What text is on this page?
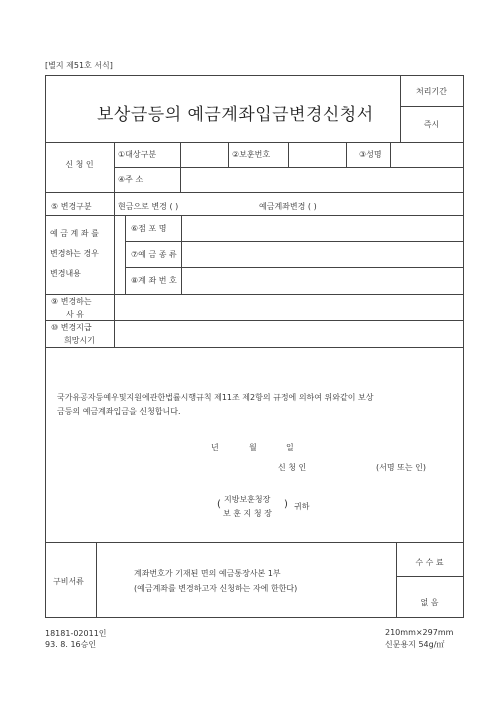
[별지 제51호 서식]
보상금등의 예금계좌입금변경신청서
처리기간
즉시
신 청 인
①대상구분	②보훈번호	③성명
④주 소
⑤ 변경구분	현금으로 변경 ( )	예금계좌변경 ( )
예 금 계 좌 를
변경하는 경우
변경내용
⑥점 포 명
⑦예 금 종 류
⑧계 좌 번 호
⑨ 변경하는
사 유
⑩ 변경지급
희망시기
국가유공자등예우및지원에관한법률시행규칙 제11조 제2항의 규정에 의하여 위와같이 보상
금등의 예금계좌입금을 신청합니다.
년	월	일
신 청 인	(서명 또는 인)
( 지방보훈청장
보 훈 지 청 장
) 귀하
구비서류
계좌번호가 기재된 면의 예금통장사본 1부
(예금계좌를 변경하고자 신청하는 자에 한한다)
수 수 료
없 음
18181-02011인
93. 8. 16승인
210mm×297mm
신문용지 54g/㎡
